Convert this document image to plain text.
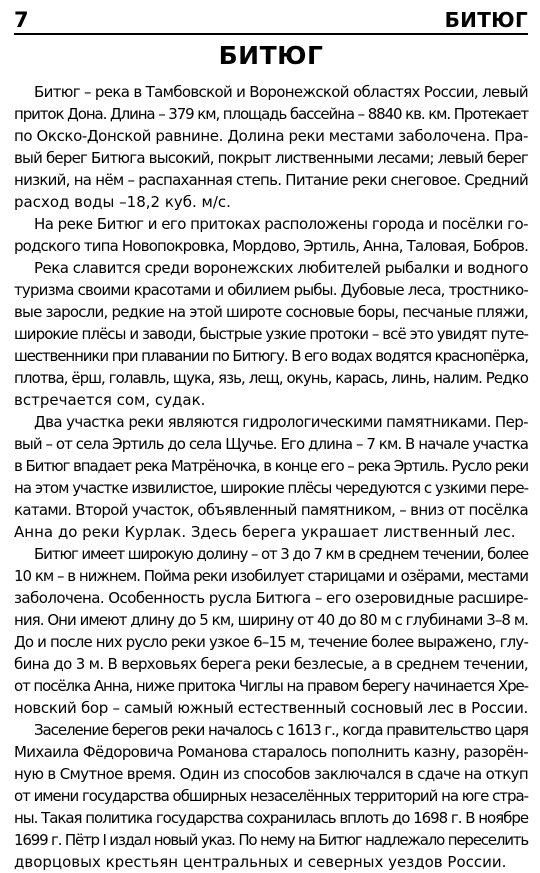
7	БИТЮГ
БИТЮГ
Битюг – река в Тамбовской и Воронежской областях России, левый
приток Дона. Длина – 379 км, площадь бассейна – 8840 кв. км. Протекает
по Окско-Донской равнине. Долина реки местами заболочена. Пра-
вый берег Битюга высокий, покрыт лиственными лесами; левый берег
низкий, на нём – распаханная степь. Питание реки снеговое. Средний
расход воды –18,2 куб. м/с.
На реке Битюг и его притоках расположены города и посёлки го-
родского типа Новопокровка, Мордово, Эртиль, Анна, Таловая, Бобров.
Река славится среди воронежских любителей рыбалки и водного
туризма своими красотами и обилием рыбы. Дубовые леса, тростнико-
вые заросли, редкие на этой широте сосновые боры, песчаные пляжи,
широкие плёсы и заводи, быстрые узкие протоки – всё это увидят путе-
шественники при плавании по Битюгу. В его водах водятся краснопёрка,
плотва, ёрш, голавль, щука, язь, лещ, окунь, карась, линь, налим. Редко
встречается сом, судак.
Два участка реки являются гидрологическими памятниками. Пер-
вый – от села Эртиль до села Щучье. Его длина – 7 км. В начале участка
в Битюг впадает река Матрёночка, в конце его – река Эртиль. Русло реки
на этом участке извилистое, широкие плёсы чередуются с узкими пере-
катами. Второй участок, объявленный памятником, – вниз от посёлка
Анна до реки Курлак. Здесь берега украшает лиственный лес.
Битюг имеет широкую долину – от 3 до 7 км в среднем течении, более
10 км – в нижнем. Пойма реки изобилует старицами и озёрами, местами
заболочена. Особенность русла Битюга – его озеровидные расшире-
ния. Они имеют длину до 5 км, ширину от 40 до 80 м с глубинами 3–8 м.
До и после них русло реки узкое 6–15 м, течение более выражено, глу-
бина до 3 м. В верховьях берега реки безлесые, а в среднем течении,
от посёлка Анна, ниже притока Чиглы на правом берегу начинается Хре-
новский бор – самый южный естественный сосновый лес в России.
Заселение берегов реки началось с 1613 г., когда правительство царя
Михаила Фёдоровича Романова старалось пополнить казну, разорён-
ную в Смутное время. Один из способов заключался в сдаче на откуп
от имени государства обширных незаселённых территорий на юге стра-
ны. Такая политика государства сохранилась вплоть до 1698 г. В ноябре
1699 г. Пётр I издал новый указ. По нему на Битюг надлежало переселить
дворцовых крестьян центральных и северных уездов России.
